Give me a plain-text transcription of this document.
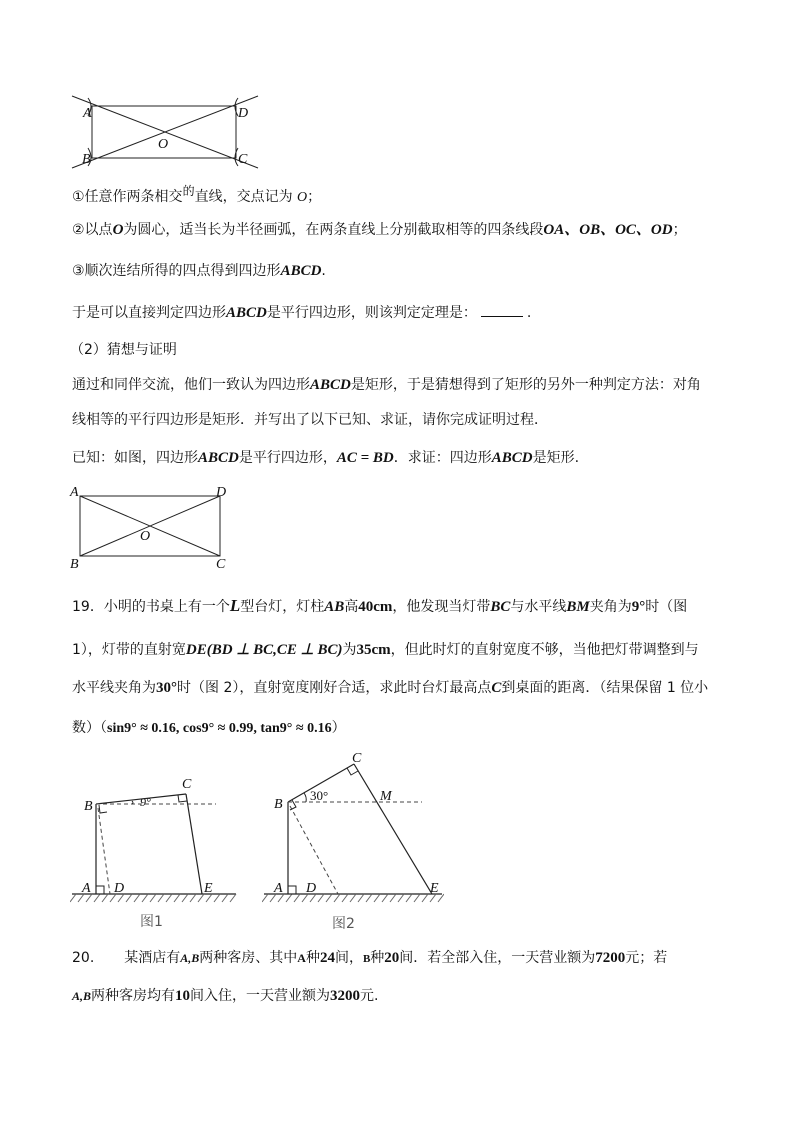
A
B	C
D
O
①任意作两条相交的直线，交点记为 O；
②以点O为圆心，适当长为半径画弧，在两条直线上分别截取相等的四条线段OA、OB、OC、OD；
③顺次连结所得的四点得到四边形ABCD.
于是可以直接判定四边形ABCD是平行四边形，则该判定定理是：	.
（2）猜想与证明
通过和同伴交流，他们一致认为四边形ABCD是矩形，于是猜想得到了矩形的另外一种判定方法：对角
线相等的平行四边形是矩形．并写出了以下已知、求证，请你完成证明过程．
已知：如图，四边形ABCD是平行四边形，AC = BD．求证：四边形ABCD是矩形.
A
B	C
D
O
19．小明的书桌上有一个L型台灯，灯柱AB高40cm，他发现当灯带BC与水平线BM夹角为9°时（图
1），灯带的直射宽DE(BD ⊥ BC,CE ⊥ BC)为35cm，但此时灯的直射宽度不够，当他把灯带调整到与
水平线夹角为30°时（图 2），直射宽度刚好合适，求此时台灯最高点C到桌面的距离．（结果保留 1 位小
数）（sin9° ≈ 0.16, cos9° ≈ 0.99, tan9° ≈ 0.16）
B
A
C
D	E
9°
图1
B
A
C
D	E
M
30°
图2
20. 某酒店有A,B两种客房、其中A种24间，B种20间．若全部入住，一天营业额为7200元；若
A,B两种客房均有10间入住，一天营业额为3200元.
